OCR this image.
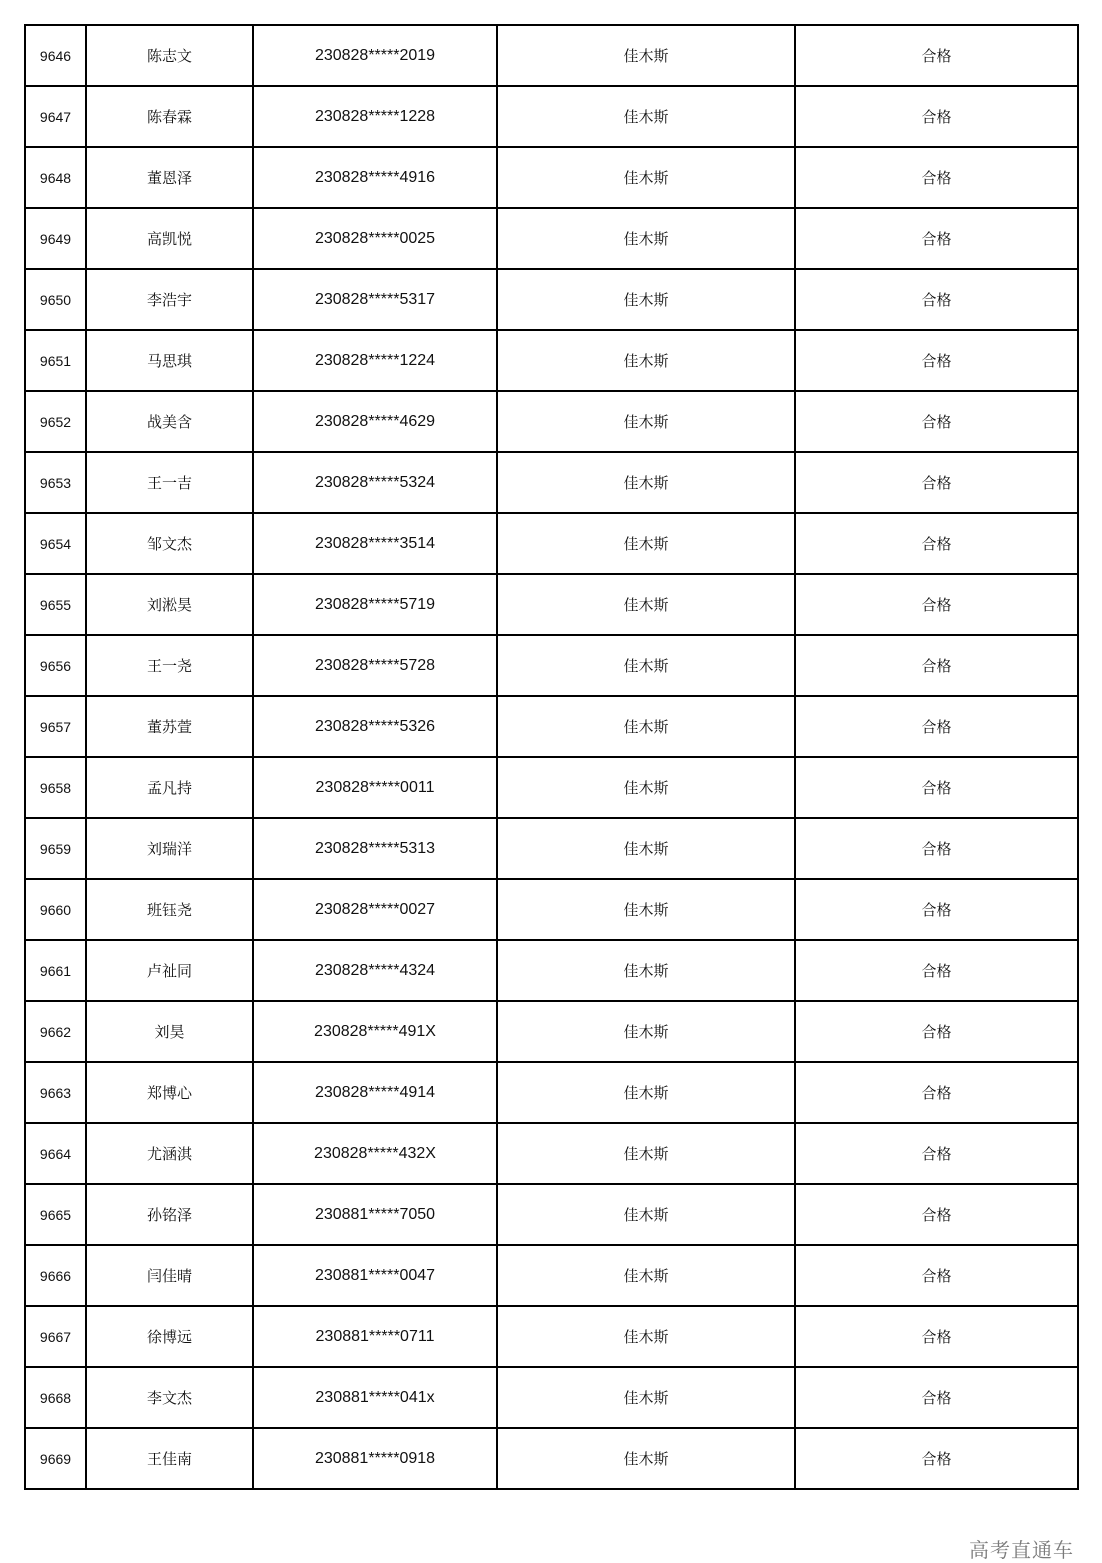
9646	陈志文	230828*****2019	佳木斯	合格
9647	陈春霖	230828*****1228	佳木斯	合格
9648	董恩泽	230828*****4916	佳木斯	合格
9649	高凯悦	230828*****0025	佳木斯	合格
9650	李浩宇	230828*****5317	佳木斯	合格
9651	马思琪	230828*****1224	佳木斯	合格
9652	战美含	230828*****4629	佳木斯	合格
9653	王一吉	230828*****5324	佳木斯	合格
9654	邹文杰	230828*****3514	佳木斯	合格
9655	刘淞昊	230828*****5719	佳木斯	合格
9656	王一尧	230828*****5728	佳木斯	合格
9657	董苏萱	230828*****5326	佳木斯	合格
9658	孟凡持	230828*****0011	佳木斯	合格
9659	刘瑞洋	230828*****5313	佳木斯	合格
9660	班钰尧	230828*****0027	佳木斯	合格
9661	卢祉同	230828*****4324	佳木斯	合格
9662	刘昊	230828*****491X	佳木斯	合格
9663	郑博心	230828*****4914	佳木斯	合格
9664	尤涵淇	230828*****432X	佳木斯	合格
9665	孙铭泽	230881*****7050	佳木斯	合格
9666	闫佳晴	230881*****0047	佳木斯	合格
9667	徐博远	230881*****0711	佳木斯	合格
9668	李文杰	230881*****041x	佳木斯	合格
9669	王佳南	230881*****0918	佳木斯	合格
高考直通车
